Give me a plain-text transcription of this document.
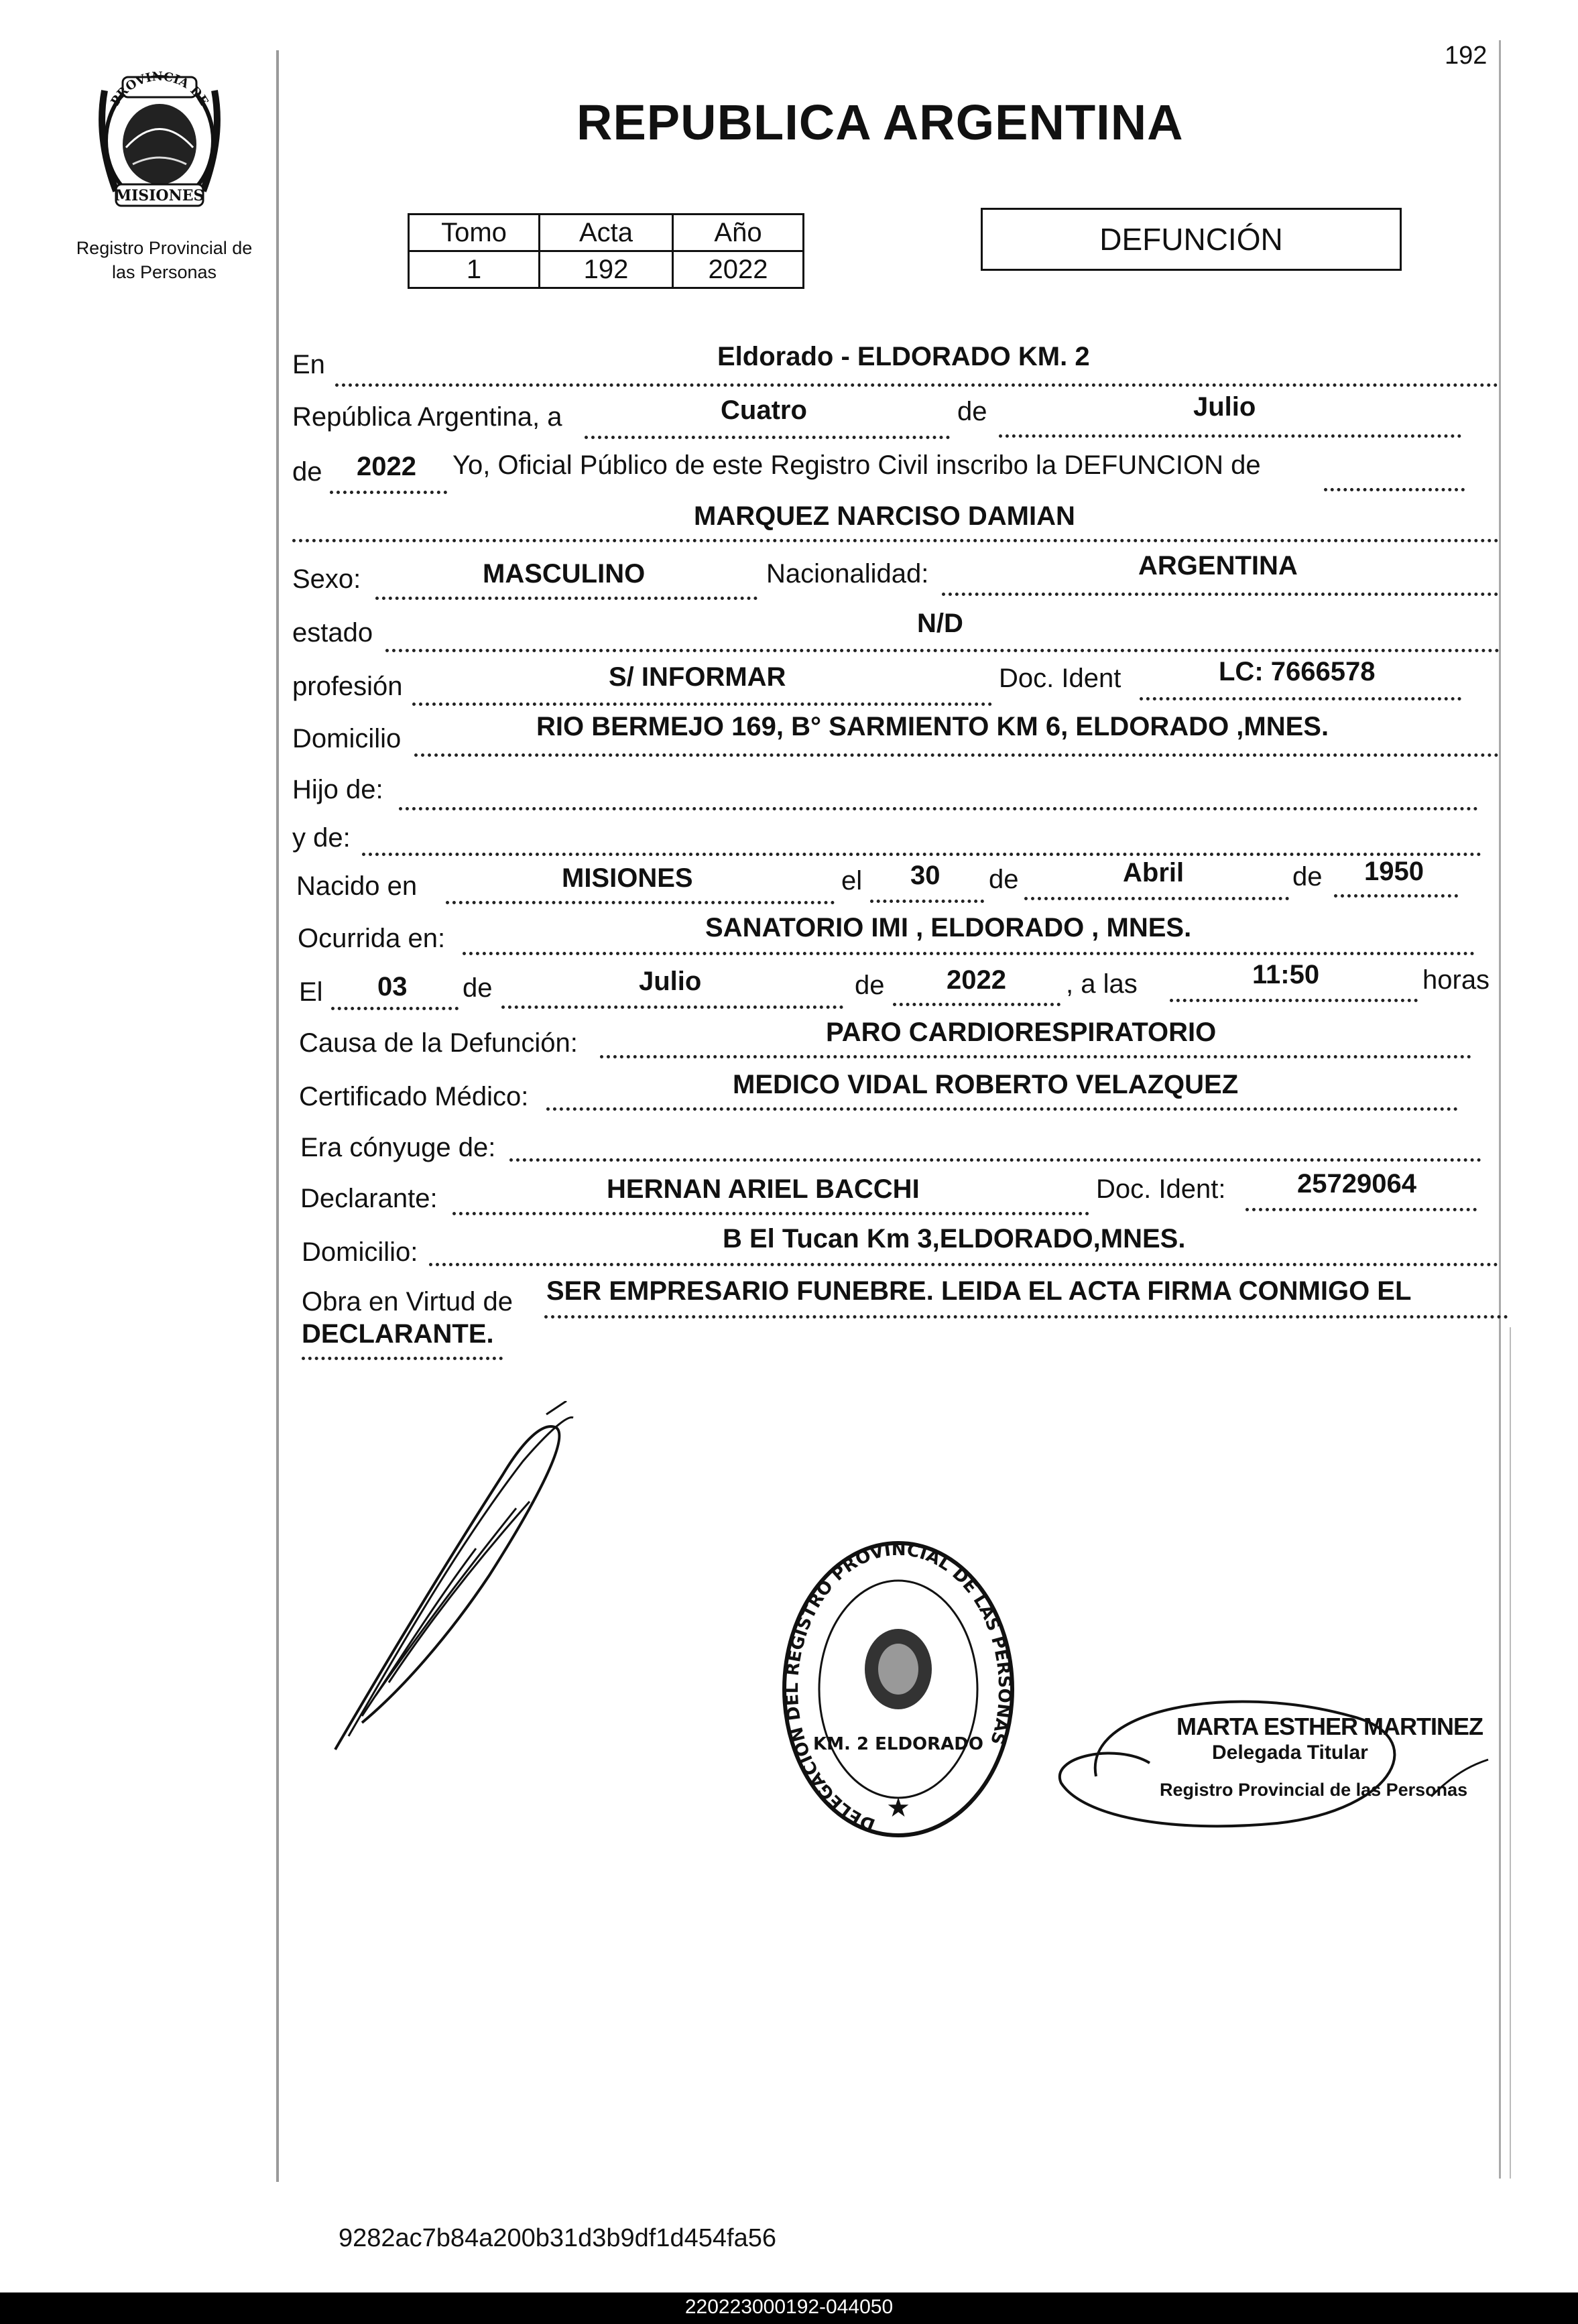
192
PROVINCIA DE
MISIONES
Registro Provincial de
las Personas
REPUBLICA ARGENTINA
Tomo	Acta	Año
1	192	2022
DEFUNCIÓN
En	Eldorado - ELDORADO KM. 2
República Argentina, a	Cuatro	de	Julio
de 2022 Yo, Oficial Público de este Registro Civil inscribo la DEFUNCION de
MARQUEZ NARCISO DAMIAN
Sexo:	MASCULINO	Nacionalidad:	ARGENTINA
estado	N/D
profesión	S/ INFORMAR	Doc. Ident	LC: 7666578
Domicilio	RIO BERMEJO 169, B° SARMIENTO KM 6, ELDORADO ,MNES.
Hijo de:
y de:
Nacido en	MISIONES	el 30 de	Abril	de 1950
Ocurrida en:	SANATORIO IMI , ELDORADO , MNES.
El 03 de	Julio	de 2022 , a las	11:50	horas
Causa de la Defunción:	PARO CARDIORESPIRATORIO
Certificado Médico:	MEDICO VIDAL ROBERTO VELAZQUEZ
Era cónyuge de:
Declarante:	HERNAN ARIEL BACCHI	Doc. Ident:	25729064
Domicilio:	B El Tucan Km 3,ELDORADO,MNES.
Obra en Virtud de SER EMPRESARIO FUNEBRE. LEIDA EL ACTA FIRMA CONMIGO EL
DECLARANTE.
DELEGACION DEL REGISTRO PROVINCIAL DE LAS PERSONAS
KM. 2 ELDORADO
★
MARTA ESTHER MARTINEZ
Delegada Titular
Registro Provincial de las Personas
9282ac7b84a200b31d3b9df1d454fa56
220223000192-044050
